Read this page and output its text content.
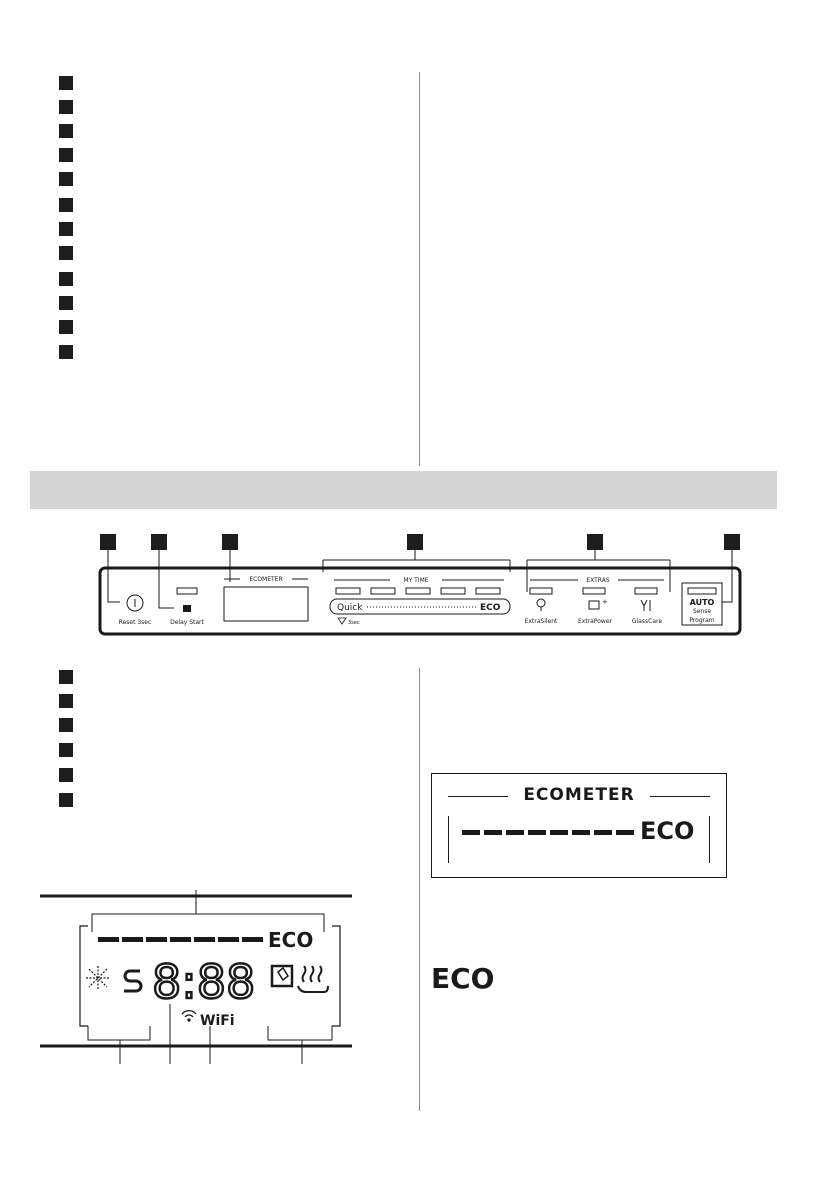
Reset 3sec	Delay Start
ECOMETER	MY TIME
Quick	ECO
3sec
EXTRAS
+
ExtraSilent	ExtraPower	GlassCare
AUTO
Sense
Program
ECO
8:88
WiFi
ECOMETER
ECO
ECO
